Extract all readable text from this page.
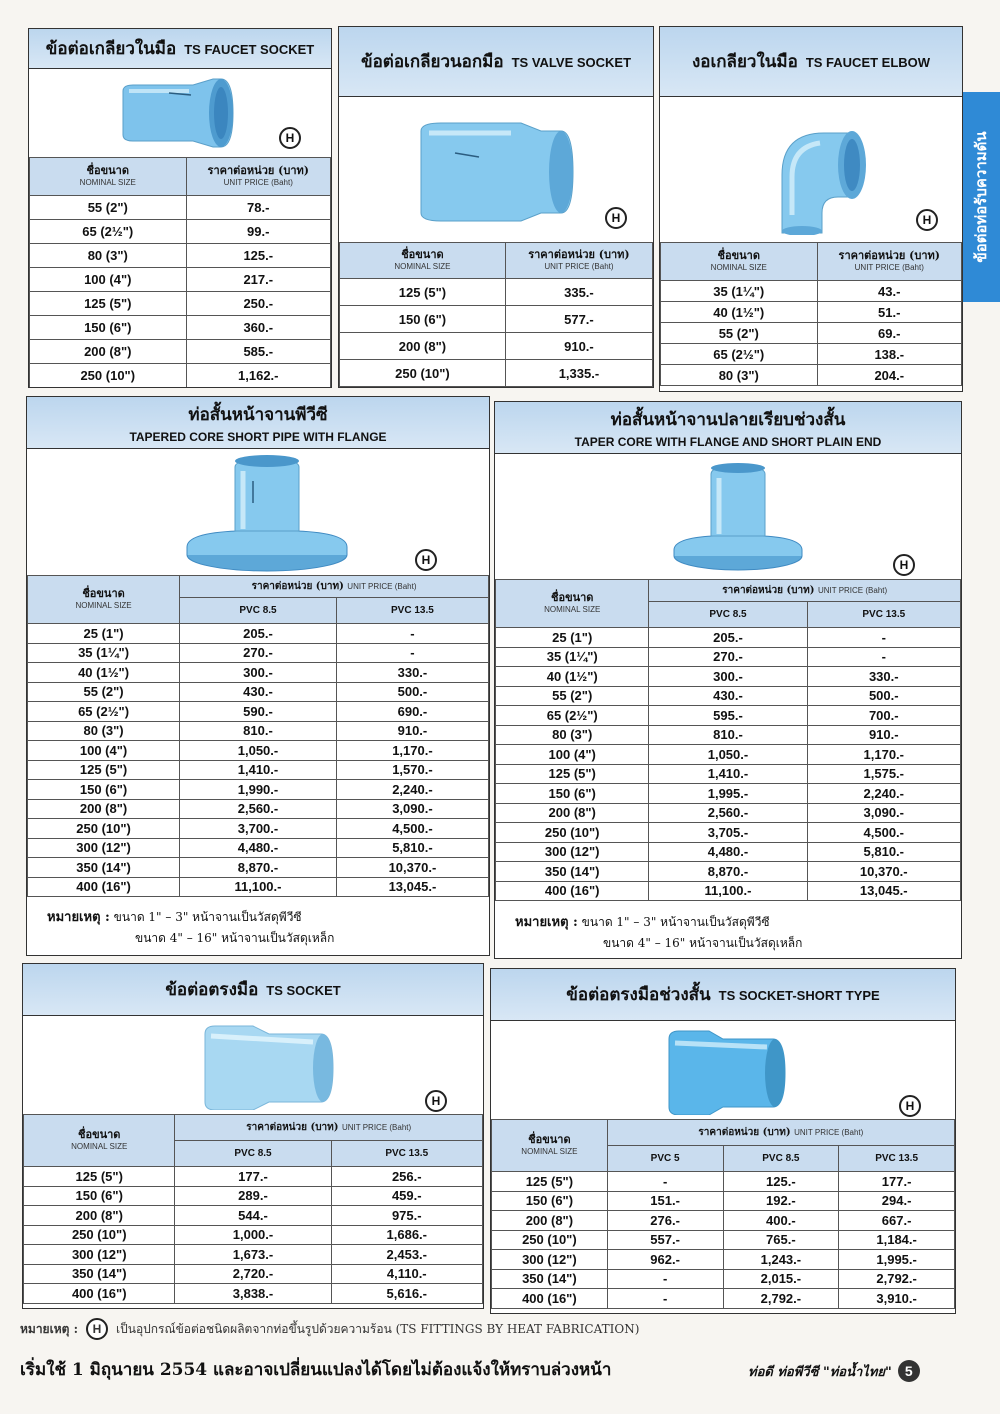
ข้อต่อท่อรับความดัน
ข้อต่อเกลียวในมือ TS FAUCET SOCKET
H
ชื่อขนาด
NOMINAL SIZE	ราคาต่อหน่วย (บาท)
UNIT PRICE (Baht)

55 (2")	78.-
65 (2½")	99.-
80 (3")	125.-
100 (4")	217.-
125 (5")	250.-
150 (6")	360.-
200 (8")	585.-
250 (10")	1,162.-
ข้อต่อเกลียวนอกมือ TS VALVE SOCKET
H
ชื่อขนาด
NOMINAL SIZE	ราคาต่อหน่วย (บาท)
UNIT PRICE (Baht)

125 (5")	335.-
150 (6")	577.-
200 (8")	910.-
250 (10")	1,335.-
งอเกลียวในมือ TS FAUCET ELBOW
H
ชื่อขนาด
NOMINAL SIZE	ราคาต่อหน่วย (บาท)
UNIT PRICE (Baht)

35 (1¼")	43.-
40 (1½")	51.-
55 (2")	69.-
65 (2½")	138.-
80 (3")	204.-
ท่อสั้นหน้าจานพีวีซี
TAPERED CORE SHORT PIPE WITH FLANGE
H
ชื่อขนาด
NOMINAL SIZE	ราคาต่อหน่วย (บาท) UNIT PRICE (Baht)	
	PVC 8.5	PVC 13.5
25 (1")	205.-	-
35 (1¼")	270.-	-
40 (1½")	300.-	330.-
55 (2")	430.-	500.-
65 (2½")	590.-	690.-
80 (3")	810.-	910.-
100 (4")	1,050.-	1,170.-
125 (5")	1,410.-	1,570.-
150 (6")	1,990.-	2,240.-
200 (8")	2,560.-	3,090.-
250 (10")	3,700.-	4,500.-
300 (12")	4,480.-	5,810.-
350 (14")	8,870.-	10,370.-
400 (16")	11,100.-	13,045.-
หมายเหตุ : ขนาด 1" – 3" หน้าจานเป็นวัสดุพีวีซี
ขนาด 4" – 16" หน้าจานเป็นวัสดุเหล็ก
ท่อสั้นหน้าจานปลายเรียบช่วงสั้น
TAPER CORE WITH FLANGE AND SHORT PLAIN END
H
ชื่อขนาด
NOMINAL SIZE	ราคาต่อหน่วย (บาท) UNIT PRICE (Baht)	
	PVC 8.5	PVC 13.5
25 (1")	205.-	-
35 (1¼")	270.-	-
40 (1½")	300.-	330.-
55 (2")	430.-	500.-
65 (2½")	595.-	700.-
80 (3")	810.-	910.-
100 (4")	1,050.-	1,170.-
125 (5")	1,410.-	1,575.-
150 (6")	1,995.-	2,240.-
200 (8")	2,560.-	3,090.-
250 (10")	3,705.-	4,500.-
300 (12")	4,480.-	5,810.-
350 (14")	8,870.-	10,370.-
400 (16")	11,100.-	13,045.-
หมายเหตุ : ขนาด 1" – 3" หน้าจานเป็นวัสดุพีวีซี
ขนาด 4" – 16" หน้าจานเป็นวัสดุเหล็ก
ข้อต่อตรงมือ TS SOCKET
H
ชื่อขนาด
NOMINAL SIZE	ราคาต่อหน่วย (บาท) UNIT PRICE (Baht)	
	PVC 8.5	PVC 13.5
125 (5")	177.-	256.-
150 (6")	289.-	459.-
200 (8")	544.-	975.-
250 (10")	1,000.-	1,686.-
300 (12")	1,673.-	2,453.-
350 (14")	2,720.-	4,110.-
400 (16")	3,838.-	5,616.-
ข้อต่อตรงมือช่วงสั้น TS SOCKET-SHORT TYPE
H
ชื่อขนาด
NOMINAL SIZE	ราคาต่อหน่วย (บาท) UNIT PRICE (Baht)		
	PVC 5	PVC 8.5	PVC 13.5
125 (5")	-	125.-	177.-
150 (6")	151.-	192.-	294.-
200 (8")	276.-	400.-	667.-
250 (10")	557.-	765.-	1,184.-
300 (12")	962.-	1,243.-	1,995.-
350 (14")	-	2,015.-	2,792.-
400 (16")	-	2,792.-	3,910.-
หมายเหตุ :	H	เป็นอุปกรณ์ข้อต่อชนิดผลิตจากท่อขึ้นรูปด้วยความร้อน (TS FITTINGS BY HEAT FABRICATION)
เริ่มใช้ 1 มิถุนายน 2554 และอาจเปลี่ยนแปลงได้โดยไม่ต้องแจ้งให้ทราบล่วงหน้า	ท่อดี ท่อพีวีซี "ท่อน้ำไทย" 5
